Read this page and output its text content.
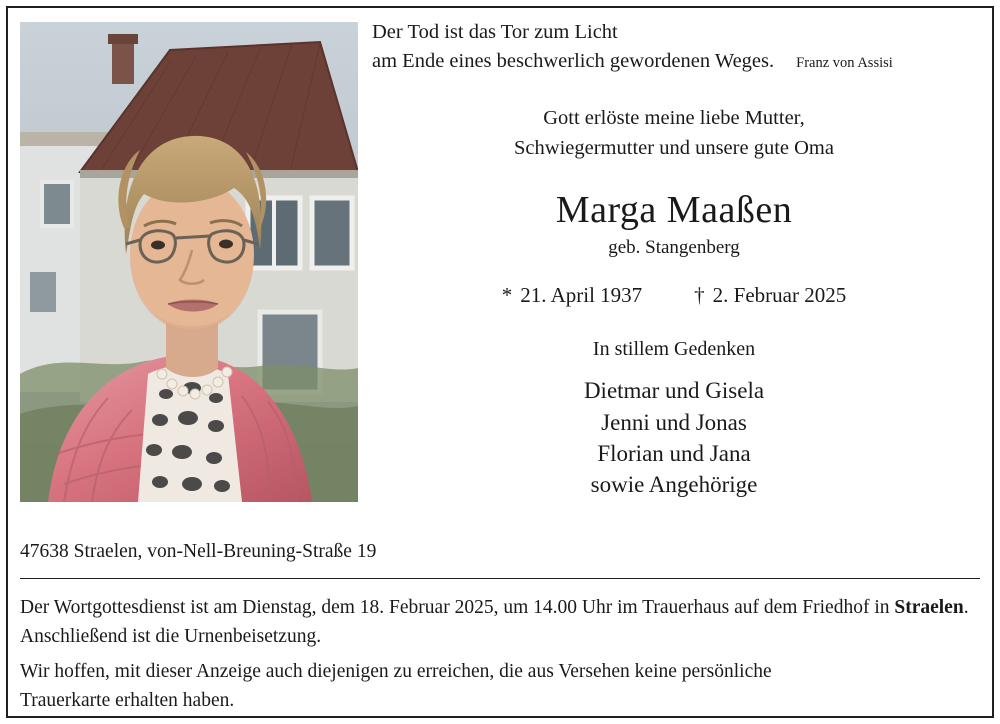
Der Tod ist das Tor zum Licht
am Ende eines beschwerlich gewordenen Weges. Franz von Assisi
Gott erlöste meine liebe Mutter,
Schwiegermutter und unsere gute Oma
Marga Maaßen
geb. Stangenberg
* 21. April 1937 † 2. Februar 2025
In stillem Gedenken
Dietmar und Gisela
Jenni und Jonas
Florian und Jana
sowie Angehörige
47638 Straelen, von-Nell-Breuning-Straße 19

Der Wortgottesdienst ist am Dienstag, dem 18. Februar 2025, um 14.00 Uhr im Trauerhaus auf dem Friedhof in Straelen. Anschließend ist die Urnenbeisetzung.

Wir hoffen, mit dieser Anzeige auch diejenigen zu erreichen, die aus Versehen keine persönliche
Trauerkarte erhalten haben.
